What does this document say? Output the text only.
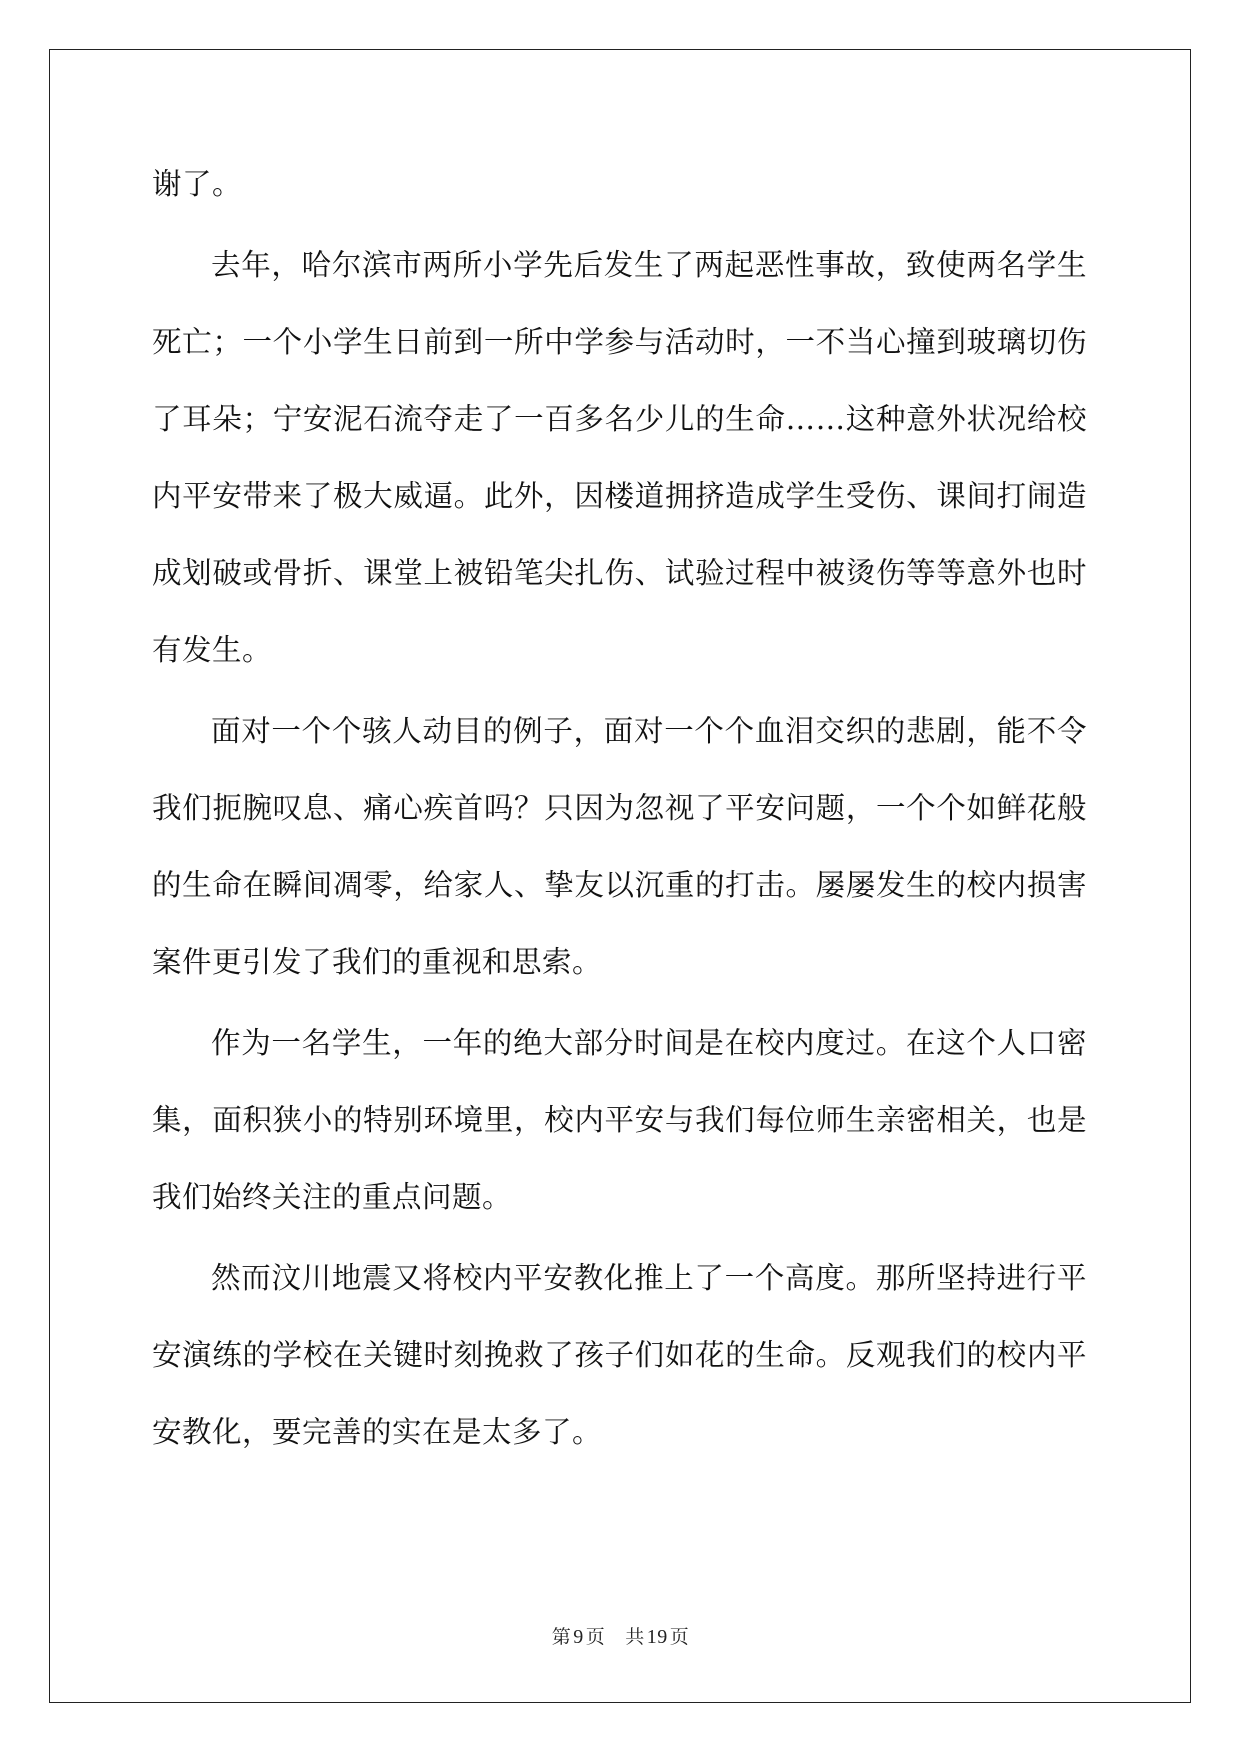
谢了。

去年，哈尔滨市两所小学先后发生了两起恶性事故，致使两名学生死亡；一个小学生日前到一所中学参与活动时，一不当心撞到玻璃切伤了耳朵；宁安泥石流夺走了一百多名少儿的生命……这种意外状况给校内平安带来了极大威逼。此外，因楼道拥挤造成学生受伤、课间打闹造成划破或骨折、课堂上被铅笔尖扎伤、试验过程中被烫伤等等意外也时有发生。

面对一个个骇人动目的例子，面对一个个血泪交织的悲剧，能不令我们扼腕叹息、痛心疾首吗？只因为忽视了平安问题，一个个如鲜花般的生命在瞬间凋零，给家人、挚友以沉重的打击。屡屡发生的校内损害案件更引发了我们的重视和思索。

作为一名学生，一年的绝大部分时间是在校内度过。在这个人口密集，面积狭小的特别环境里，校内平安与我们每位师生亲密相关，也是我们始终关注的重点问题。

然而汶川地震又将校内平安教化推上了一个高度。那所坚持进行平安演练的学校在关键时刻挽救了孩子们如花的生命。反观我们的校内平安教化，要完善的实在是太多了。

第 9 页 共 19 页
